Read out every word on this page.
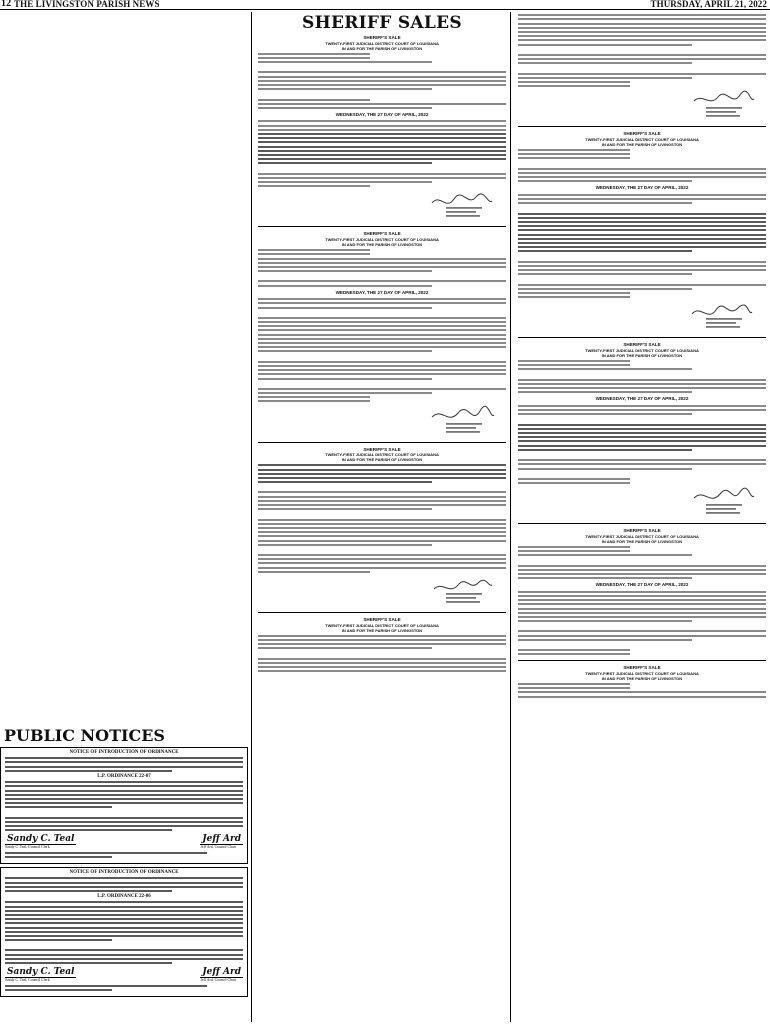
12 THE LIVINGSTON PARISH NEWS	THURSDAY, APRIL 21, 2022
PUBLIC NOTICES
NOTICE OF INTRODUCTION OF ORDINANCE
L.P. ORDINANCE 22-07
Sandy C. Teal
Sandy C. Teal, Council Clerk
Jeff Ard
Jeff Ard, Council Chair
NOTICE OF INTRODUCTION OF ORDINANCE
L.P. ORDINANCE 22-06
Sandy C. Teal
Sandy C. Teal, Council Clerk
Jeff Ard
Jeff Ard, Council Chair
SHERIFF SALES
SHERIFF'S SALE
TWENTY-FIRST JUDICIAL DISTRICT COURT OF LOUISIANA
IN AND FOR THE PARISH OF LIVINGSTON
WEDNESDAY, THE 27 DAY OF APRIL, 2022
SHERIFF'S SALE
TWENTY-FIRST JUDICIAL DISTRICT COURT OF LOUISIANA
IN AND FOR THE PARISH OF LIVINGSTON
WEDNESDAY, THE 27 DAY OF APRIL, 2022
SHERIFF'S SALE
TWENTY-FIRST JUDICIAL DISTRICT COURT OF LOUISIANA
IN AND FOR THE PARISH OF LIVINGSTON
SHERIFF'S SALE
TWENTY-FIRST JUDICIAL DISTRICT COURT OF LOUISIANA
IN AND FOR THE PARISH OF LIVINGSTON
SHERIFF'S SALE
TWENTY-FIRST JUDICIAL DISTRICT COURT OF LOUISIANA
IN AND FOR THE PARISH OF LIVINGSTON
WEDNESDAY, THE 27 DAY OF APRIL, 2022
SHERIFF'S SALE
TWENTY-FIRST JUDICIAL DISTRICT COURT OF LOUISIANA
IN AND FOR THE PARISH OF LIVINGSTON
WEDNESDAY, THE 27 DAY OF APRIL, 2022
SHERIFF'S SALE
TWENTY-FIRST JUDICIAL DISTRICT COURT OF LOUISIANA
IN AND FOR THE PARISH OF LIVINGSTON
WEDNESDAY, THE 27 DAY OF APRIL, 2022
SHERIFF'S SALE
TWENTY-FIRST JUDICIAL DISTRICT COURT OF LOUISIANA
IN AND FOR THE PARISH OF LIVINGSTON
